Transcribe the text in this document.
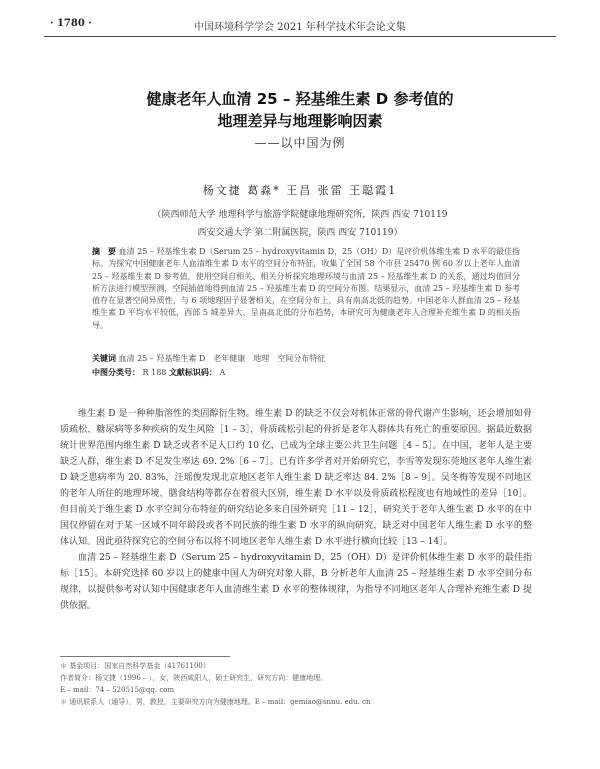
· 1780 ·	中国环境科学学会 2021 年科学技术年会论文集
健康老年人血清 25 – 羟基维生素 D 参考值的
地理差异与地理影响因素
——以中国为例
杨文捷 葛淼* 王昌 张雷 王聪霞1
（陕西师范大学 地理科学与旅游学院健康地理研究所，陕西 西安 710119
西安交通大学 第二附属医院，陕西 西安 710119）
摘　要 血清 25 – 羟基维生素 D（Serum 25 – hydroxyvitamin D，25（OH）D）是评价机体维生素 D 水平的最佳指标。为探究中国健康老年人血清维生素 D 水平的空间分布特征，收集了全国 58 个市县 25470 例 60 岁以上老年人血清 25 – 羟基维生素 D 参考值，使用空间自相关、相关分析探究地理环境与血清 25 – 羟基维生素 D 的关系，通过均值回分析方法进行模型预测，空间插值地得到血清 25 – 羟基维生素 D 的空间分布图。结果显示，血清 25 – 羟基维生素 D 参考值存在显著空间异质性，与 6 项地理因子显著相关，在空间分布上，具有南高北低的趋势。中国老年人群血清 25 – 羟基维生素 D 平均水平较低，西部 5 城差异大，呈南高北低的分布趋势，本研究可为健康老年人合理补充维生素 D 的相关指导。
关键词 血清 25 – 羟基维生素 D　老年健康　地理　空间分布特征
中图分类号： R 188 文献标识码： A

维生素 D 是一种种脂溶性的类固醇衍生物。维生素 D 的缺乏不仅会对机体正常的骨代谢产生影响，还会增加如骨质疏松、糖尿病等多种疾病的发生风险［1 – 3］，骨质疏松引起的骨折是老年人群体共有死亡的重要原因。据最近数据统计世界范围内维生素 D 缺乏或者不足人口约 10 亿，已成为全球主要公共卫生问题［4 – 5］。在中国，老年人是主要缺乏人群，维生素 D 不足发生率达 69. 2%［6 – 7］。已有许多学者对开始研究它，李雪等发现东莞地区老年人维生素 D 缺乏患病率为 20. 83%，汪瑶俊发现北京地区老年人维生素 D 缺乏率达 84. 2%［8 – 9］。吴冬梅等发现不同地区的老年人所住的地理环境、膳食结构等都存在着很大区别，维生素 D 水平以及骨质疏松程度也有地域性的差异［10］。但目前关于维生素 D 水平空间分布特征的研究结论多来自国外研究［11 – 12］，研究关于老年人维生素 D 水平的在中国仅停留在对于某一区域不同年龄段或者不同民族的维生素 D 水平的纵向研究，缺乏对中国老年人维生素 D 水平的整体认知。因此亟待探究它的空间分布以将不同地区老年人维生素 D 水平进行横向比较［13 – 14］。

血清 25 – 羟基维生素 D（Serum 25 – hydroxyvitamin D，25（OH）D）是评价机体维生素 D 水平的最佳指标［15］。本研究选择 60 岁以上的健康中国人为研究对象人群，B 分析老年人血清 25 – 羟基维生素 D 水平空间分布规律，以提供参考对认知中国健康老年人血清维生素 D 水平的整体规律，为指导不同地区老年人合理补充维生素 D 提供依据。

＊ 基金项目：国家自然科学基金（41761100）
作者简介：杨文捷（1996 – ），女，陕西咸阳人，硕士研究生，研究方向：健康地理。
E – mail：74 – 520515@qq. com
＊ 通讯联系人（通导），男，教授，主要研究方向为健康地理。E – mail：gemiao@snnu. edu. cn
